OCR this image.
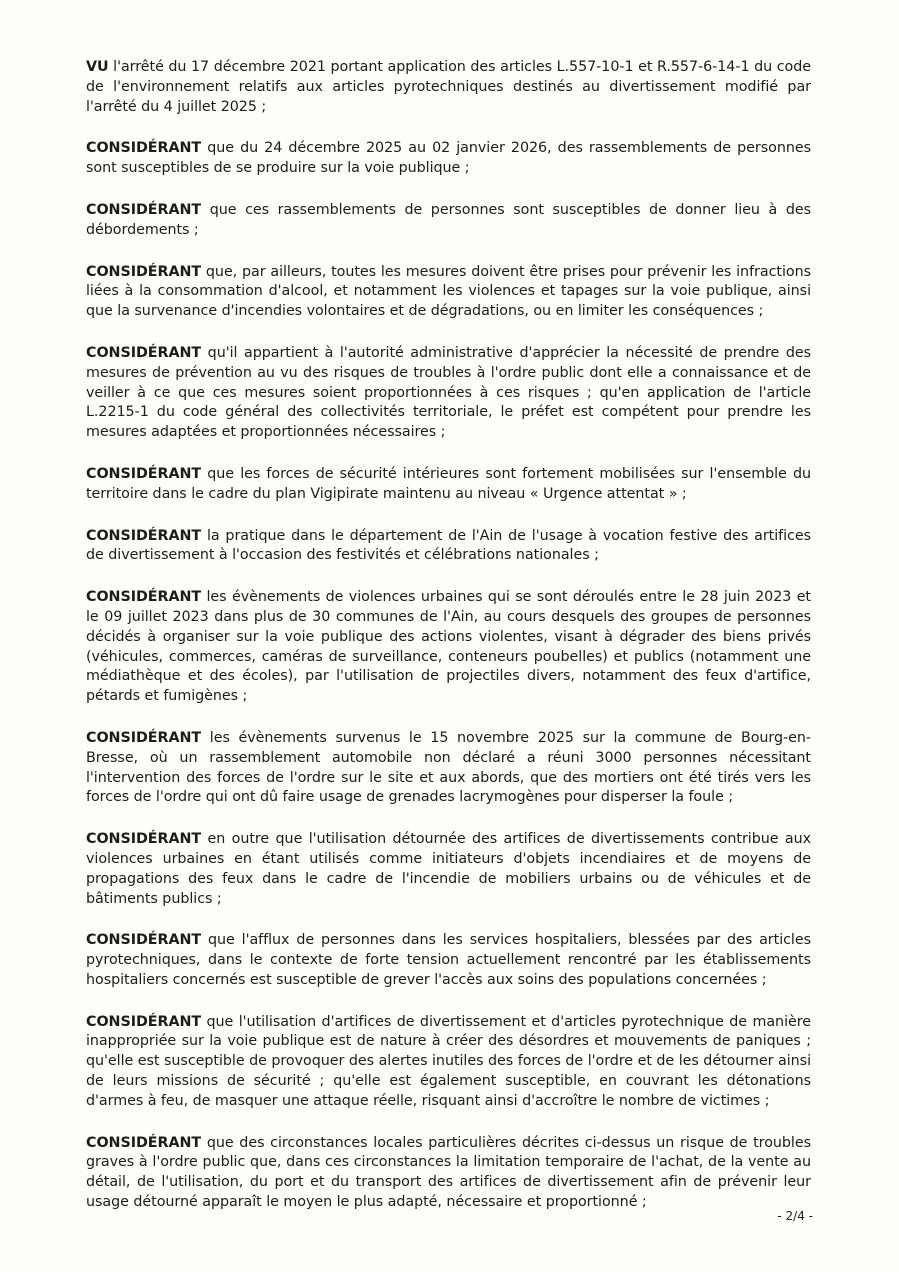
VU l'arrêté du 17 décembre 2021 portant application des articles L.557-10-1 et R.557-6-14-1 du code de l'environnement relatifs aux articles pyrotechniques destinés au divertissement modifié par l'arrêté du 4 juillet 2025 ;

CONSIDÉRANT que du 24 décembre 2025 au 02 janvier 2026, des rassemblements de personnes sont susceptibles de se produire sur la voie publique ;

CONSIDÉRANT que ces rassemblements de personnes sont susceptibles de donner lieu à des débordements ;

CONSIDÉRANT que, par ailleurs, toutes les mesures doivent être prises pour prévenir les infractions liées à la consommation d'alcool, et notamment les violences et tapages sur la voie publique, ainsi que la survenance d'incendies volontaires et de dégradations, ou en limiter les conséquences ;

CONSIDÉRANT qu'il appartient à l'autorité administrative d'apprécier la nécessité de prendre des mesures de prévention au vu des risques de troubles à l'ordre public dont elle a connaissance et de veiller à ce que ces mesures soient proportionnées à ces risques ; qu'en application de l'article L.2215-1 du code général des collectivités territoriale, le préfet est compétent pour prendre les mesures adaptées et proportionnées nécessaires ;

CONSIDÉRANT que les forces de sécurité intérieures sont fortement mobilisées sur l'ensemble du territoire dans le cadre du plan Vigipirate maintenu au niveau « Urgence attentat » ;

CONSIDÉRANT la pratique dans le département de l'Ain de l'usage à vocation festive des artifices de divertissement à l'occasion des festivités et célébrations nationales ;

CONSIDÉRANT les évènements de violences urbaines qui se sont déroulés entre le 28 juin 2023 et le 09 juillet 2023 dans plus de 30 communes de l'Ain, au cours desquels des groupes de personnes décidés à organiser sur la voie publique des actions violentes, visant à dégrader des biens privés (véhicules, commerces, caméras de surveillance, conteneurs poubelles) et publics (notamment une médiathèque et des écoles), par l'utilisation de projectiles divers, notamment des feux d'artifice, pétards et fumigènes ;

CONSIDÉRANT les évènements survenus le 15 novembre 2025 sur la commune de Bourg-en-Bresse, où un rassemblement automobile non déclaré a réuni 3000 personnes nécessitant l'intervention des forces de l'ordre sur le site et aux abords, que des mortiers ont été tirés vers les forces de l'ordre qui ont dû faire usage de grenades lacrymogènes pour disperser la foule ;

CONSIDÉRANT en outre que l'utilisation détournée des artifices de divertissements contribue aux violences urbaines en étant utilisés comme initiateurs d'objets incendiaires et de moyens de propagations des feux dans le cadre de l'incendie de mobiliers urbains ou de véhicules et de bâtiments publics ;

CONSIDÉRANT que l'afflux de personnes dans les services hospitaliers, blessées par des articles pyrotechniques, dans le contexte de forte tension actuellement rencontré par les établissements hospitaliers concernés est susceptible de grever l'accès aux soins des populations concernées ;

CONSIDÉRANT que l'utilisation d'artifices de divertissement et d'articles pyrotechnique de manière inappropriée sur la voie publique est de nature à créer des désordres et mouvements de paniques ; qu'elle est susceptible de provoquer des alertes inutiles des forces de l'ordre et de les détourner ainsi de leurs missions de sécurité ; qu'elle est également susceptible, en couvrant les détonations d'armes à feu, de masquer une attaque réelle, risquant ainsi d'accroître le nombre de victimes ;

CONSIDÉRANT que des circonstances locales particulières décrites ci-dessus un risque de troubles graves à l'ordre public que, dans ces circonstances la limitation temporaire de l'achat, de la vente au détail, de l'utilisation, du port et du transport des artifices de divertissement afin de prévenir leur usage détourné apparaît le moyen le plus adapté, nécessaire et proportionné ;

- 2/4 -
